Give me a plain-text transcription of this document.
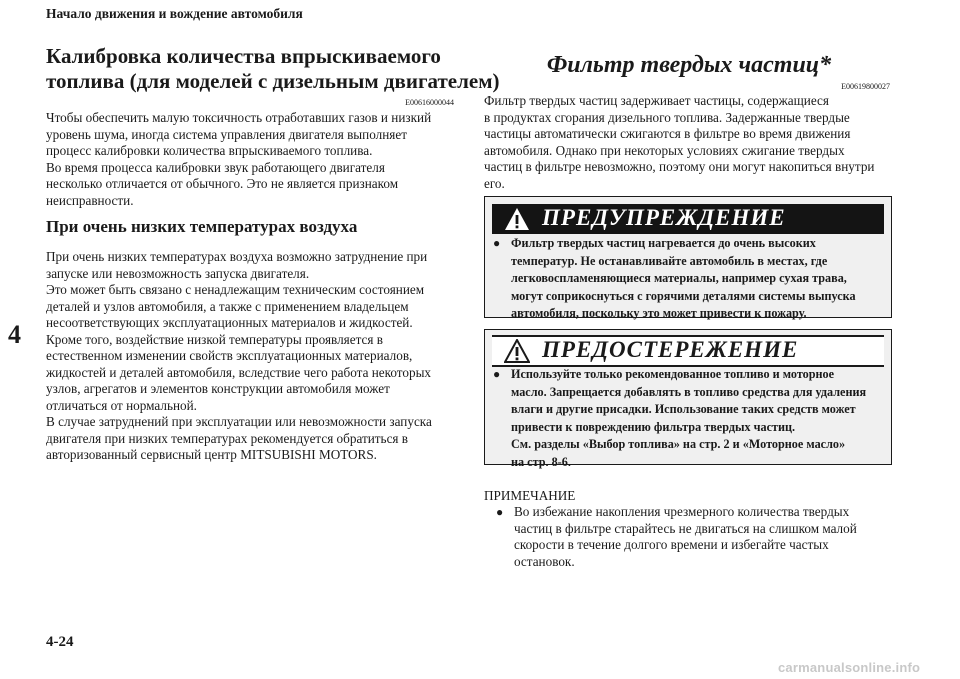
Начало движения и вождение автомобиля
4
4-24
carmanualsonline.info
Калибровка количества впрыскиваемого
топлива (для моделей с дизельным двигателем)
E00616000044
Чтобы обеспечить малую токсичность отработавших газов и низкий
уровень шума, иногда система управления двигателя выполняет
процесс калибровки количества впрыскиваемого топлива.
Во время процесса калибровки звук работающего двигателя
несколько отличается от обычного. Это не является признаком
неисправности.
При очень низких температурах воздуха
При очень низких температурах воздуха возможно затруднение при
запуске или невозможность запуска двигателя.
Это может быть связано с ненадлежащим техническим состоянием
деталей и узлов автомобиля, а также с применением владельцем
несоответствующих эксплуатационных материалов и жидкостей.
Кроме того, воздействие низкой температуры проявляется в
естественном изменении свойств эксплуатационных материалов,
жидкостей и деталей автомобиля, вследствие чего работа некоторых
узлов, агрегатов и элементов конструкции автомобиля может
отличаться от нормальной.
В случае затруднений при эксплуатации или невозможности запуска
двигателя при низких температурах рекомендуется обратиться в
авторизованный сервисный центр MITSUBISHI MOTORS.
Фильтр твердых частиц*
E00619800027
Фильтр твердых частиц задерживает частицы, содержащиеся
в продуктах сгорания дизельного топлива. Задержанные твердые
частицы автоматически сжигаются в фильтре во время движения
автомобиля. Однако при некоторых условиях сжигание твердых
частиц в фильтре невозможно, поэтому они могут накопиться внутри
его.
ПРЕДУПРЕЖДЕНИЕ
● Фильтр твердых частиц нагревается до очень высоких
температур. Не останавливайте автомобиль в местах, где
легковоспламеняющиеся материалы, например сухая трава,
могут соприкоснуться с горячими деталями системы выпуска
автомобиля, поскольку это может привести к пожару.
ПРЕДОСТЕРЕЖЕНИЕ
● Используйте только рекомендованное топливо и моторное
масло. Запрещается добавлять в топливо средства для удаления
влаги и другие присадки. Использование таких средств может
привести к повреждению фильтра твердых частиц.
См. разделы «Выбор топлива» на стр. 2 и «Моторное масло»
на стр. 8-6.
ПРИМЕЧАНИЕ
● Во избежание накопления чрезмерного количества твердых
частиц в фильтре старайтесь не двигаться на слишком малой
скорости в течение долгого времени и избегайте частых
остановок.
